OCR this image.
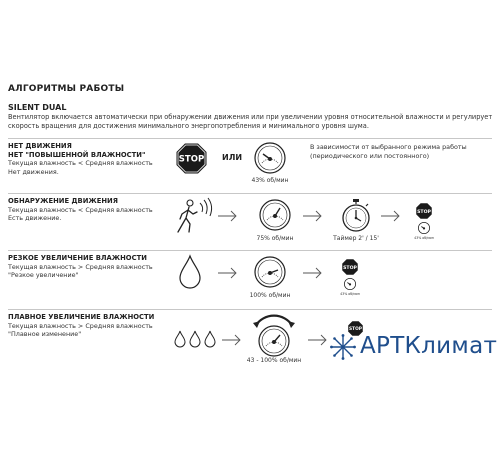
АЛГОРИТМЫ РАБОТЫ
SILENT DUAL
Вентилятор включается автоматически при обнаружении движения или при увеличении уровня относительной влажности и регулирует скорость вращения для достижения минимального энергопотребления и минимального уровня шума.
НЕТ ДВИЖЕНИЯ
НЕТ "ПОВЫШЕННОЙ ВЛАЖНОСТИ"
Текущая влажность < Средняя влажность
Нет движения.
STOP ИЛИ
43% об/мин
В зависимости от выбранного режима работы
(периодического или постоянного)
ОБНАРУЖЕНИЕ ДВИЖЕНИЯ
Текущая влажность < Средняя влажность
Есть движение.
75% об/мин	Таймер 2' / 15'
STOP
43% об/мин
РЕЗКОЕ УВЕЛИЧЕНИЕ ВЛАЖНОСТИ
Текущая влажность > Средняя влажность
"Резкое увеличение"
100% об/мин
STOP
43% об/мин
ПЛАВНОЕ УВЕЛИЧЕНИЕ ВЛАЖНОСТИ
Текущая влажность > Средняя влажность
"Плавное изменение"
43 - 100% об/мин
STOP
АРТКлимат
